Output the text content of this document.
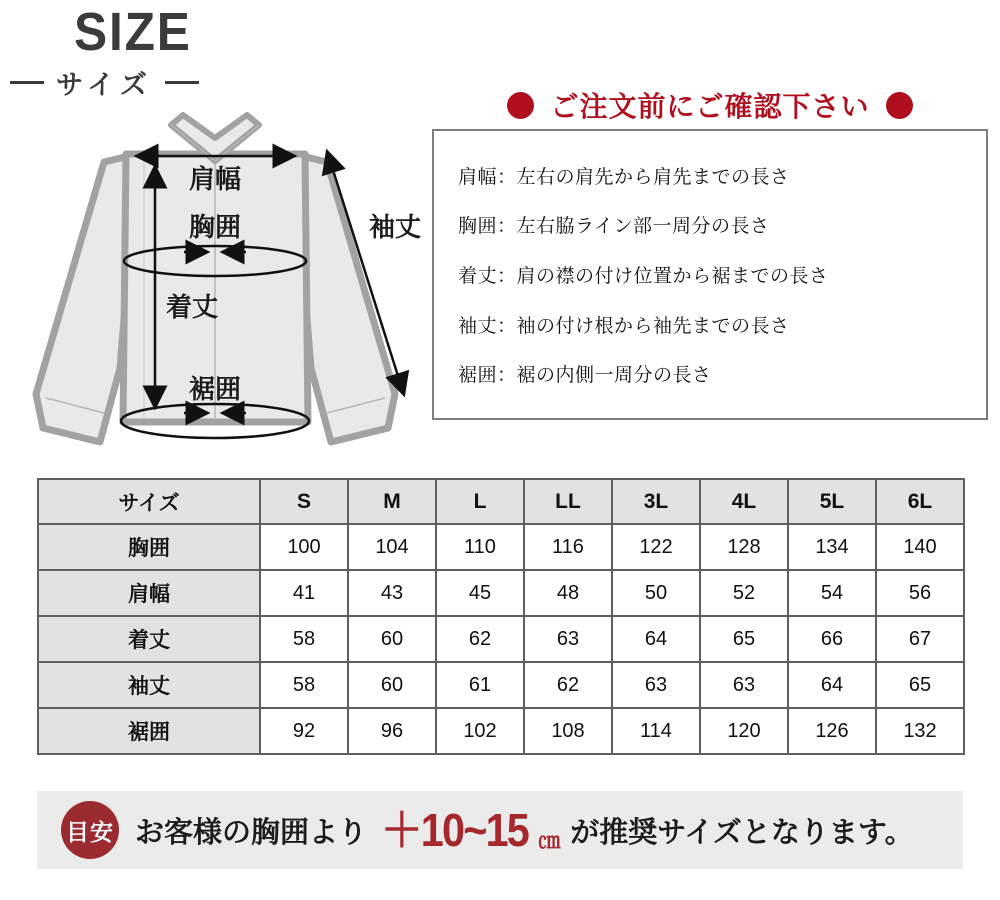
SIZE
サイズ
ご注文前にご確認下さい
肩幅：左右の肩先から肩先までの長さ
胸囲：左右脇ライン部一周分の長さ
着丈：肩の襟の付け位置から裾までの長さ
袖丈：袖の付け根から袖先までの長さ
裾囲：裾の内側一周分の長さ
肩幅
胸囲
着丈
裾囲
袖丈
サイズ	S	M	L	LL	3L	4L	5L	6L
胸囲	100	104	110	116	122	128	134	140
肩幅	41	43	45	48	50	52	54	56
着丈	58	60	62	63	64	65	66	67
袖丈	58	60	61	62	63	63	64	65
裾囲	92	96	102	108	114	120	126	132
目安 お客様の胸囲より ＋10~15 ㎝ が推奨サイズとなります。
